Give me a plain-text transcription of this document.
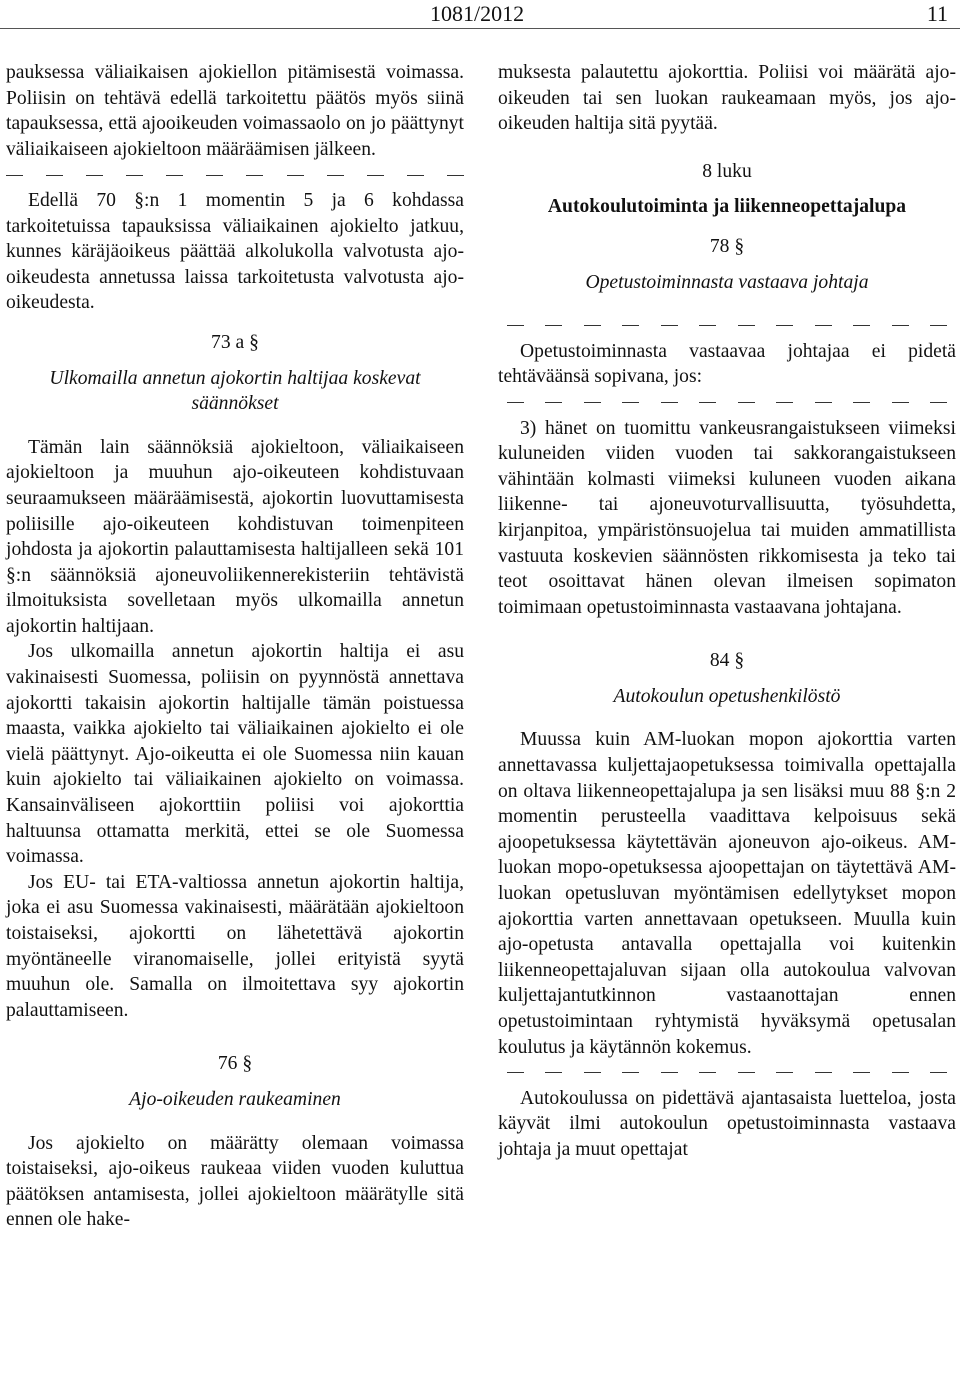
1081/2012	11

pauksessa väliaikaisen ajokiellon pitämisestä voimassa. Poliisin on tehtävä edellä tarkoitettu päätös myös siinä tapauksessa, että ajooikeuden voimassaolo on jo päättynyt väliaikaiseen ajokieltoon määräämisen jälkeen.

Edellä 70 §:n 1 momentin 5 ja 6 kohdassa tarkoitetuissa tapauksissa väliaikainen ajokielto jatkuu, kunnes käräjäoikeus päättää alkolukolla valvotusta ajo-oikeudesta annetussa laissa tarkoitetusta valvotusta ajo-oikeudesta.

73 a §
Ulkomailla annetun ajokortin haltijaa koskevat säännökset

Tämän lain säännöksiä ajokieltoon, väliaikaiseen ajokieltoon ja muuhun ajo-oikeuteen kohdistuvaan seuraamukseen määräämisestä, ajokortin luovuttamisesta poliisille ajo-oikeuteen kohdistuvan toimenpiteen johdosta ja ajokortin palauttamisesta haltijalleen sekä 101 §:n säännöksiä ajoneuvoliikennerekisteriin tehtävistä ilmoituksista sovelletaan myös ulkomailla annetun ajokortin haltijaan.

Jos ulkomailla annetun ajokortin haltija ei asu vakinaisesti Suomessa, poliisin on pyynnöstä annettava ajokortti takaisin ajokortin haltijalle tämän poistuessa maasta, vaikka ajokielto tai väliaikainen ajokielto ei ole vielä päättynyt. Ajo-oikeutta ei ole Suomessa niin kauan kuin ajokielto tai väliaikainen ajokielto on voimassa. Kansainväliseen ajokorttiin poliisi voi ajokorttia haltuunsa ottamatta merkitä, ettei se ole Suomessa voimassa.

Jos EU- tai ETA-valtiossa annetun ajokortin haltija, joka ei asu Suomessa vakinaisesti, määrätään ajokieltoon toistaiseksi, ajokortti on lähetettävä ajokortin myöntäneelle viranomaiselle, jollei erityistä syytä muuhun ole. Samalla on ilmoitettava syy ajokortin palauttamiseen.

76 §
Ajo-oikeuden raukeaminen

Jos ajokielto on määrätty olemaan voimassa toistaiseksi, ajo-oikeus raukeaa viiden vuoden kuluttua päätöksen antamisesta, jollei ajokieltoon määrätylle sitä ennen ole hake-

muksesta palautettu ajokorttia. Poliisi voi määrätä ajo-oikeuden tai sen luokan raukeamaan myös, jos ajo-oikeuden haltija sitä pyytää.

8 luku
Autokoulutoiminta ja liikenneopettajalupa
78 §
Opetustoiminnasta vastaava johtaja

Opetustoiminnasta vastaavaa johtajaa ei pidetä tehtäväänsä sopivana, jos:

3) hänet on tuomittu vankeusrangaistukseen viimeksi kuluneiden viiden vuoden tai sakkorangaistukseen vähintään kolmasti viimeksi kuluneen vuoden aikana liikenne- tai ajoneuvoturvallisuutta, työsuhdetta, kirjanpitoa, ympäristönsuojelua tai muiden ammatillista vastuuta koskevien säännösten rikkomisesta ja teko tai teot osoittavat hänen olevan ilmeisen sopimaton toimimaan opetustoiminnasta vastaavana johtajana.

84 §
Autokoulun opetushenkilöstö

Muussa kuin AM-luokan mopon ajokorttia varten annettavassa kuljettajaopetuksessa toimivalla opettajalla on oltava liikenneopettajalupa ja sen lisäksi muu 88 §:n 2 momentin perusteella vaadittava kelpoisuus sekä ajoopetuksessa käytettävän ajoneuvon ajo-oikeus. AM-luokan mopo-opetuksessa ajoopettajan on täytettävä AM-luokan opetusluvan myöntämisen edellytykset mopon ajokorttia varten annettavaan opetukseen. Muulla kuin ajo-opetusta antavalla opettajalla voi kuitenkin liikenneopettajaluvan sijaan olla autokoulua valvovan kuljettajantutkinnon vastaanottajan ennen opetustoimintaan ryhtymistä hyväksymä opetusalan koulutus ja käytännön kokemus.

Autokoulussa on pidettävä ajantasaista luetteloa, josta käyvät ilmi autokoulun opetustoiminnasta vastaava johtaja ja muut opettajat
